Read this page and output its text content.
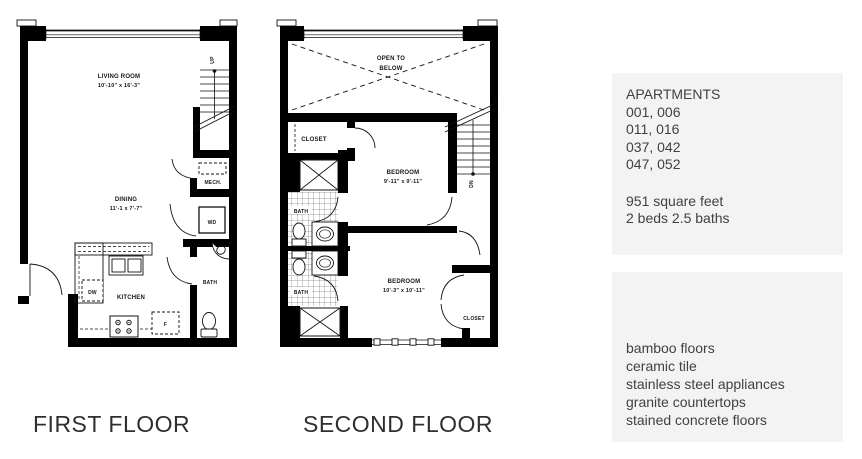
UP
MECH.
WD
BATH
DW
F
KITCHEN
LIVING ROOM
10'-10" x 16'-3"
DINING
11'-1 x 7'-7"
OPEN TO
BELOW
DN
CLOSET
BATH
BATH
BEDROOM
9'-11" x 9'-11"
BEDROOM
10'-3" x 10'-11"
CLOSET
FIRST FLOOR	SECOND FLOOR
APARTMENTS
001, 006
011, 016
037, 042
047, 052
951 square feet
2 beds 2.5 baths
bamboo floors
ceramic tile
stainless steel appliances
granite countertops
stained concrete floors
